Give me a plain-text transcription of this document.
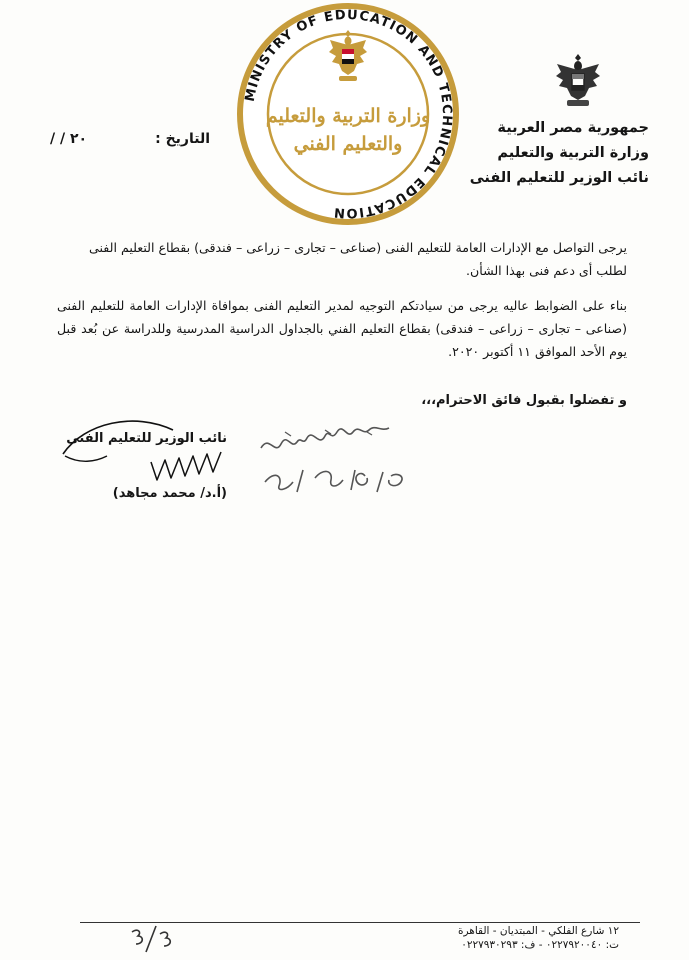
جمهورية مصر العربية
وزارة التربية والتعليم
نائب الوزير للتعليم الفنى
MINISTRY OF EDUCATION AND TECHNICAL EDUCATION
وزارة التربية والتعليم
والتعليم الفني
التاريخ :
/ / ٢٠
يرجى التواصل مع الإدارات العامة للتعليم الفنى (صناعى – تجارى – زراعى – فندقى) بقطاع التعليم الفنى لطلب أى دعم فنى بهذا الشأن.
بناء على الضوابط عاليه يرجى من سيادتكم التوجيه لمدير التعليم الفنى بموافاة الإدارات العامة للتعليم الفنى (صناعى – تجارى – زراعى – فندقى) بقطاع التعليم الفني بالجداول الدراسية المدرسية وللدراسة عن بُعد قبل يوم الأحد الموافق ١١ أكتوبر ٢٠٢٠.
و تفضلوا بقبول فائق الاحترام،،،
نائب الوزير للتعليم الفنى
(أ.د/ محمد مجاهد)
١٢ شارع الفلكي - المبتديان - القاهرة
ت: ٠٢٢٧٩٢٠٠٤٠ - ف: ٠٢٢٧٩٣٠٢٩٣
